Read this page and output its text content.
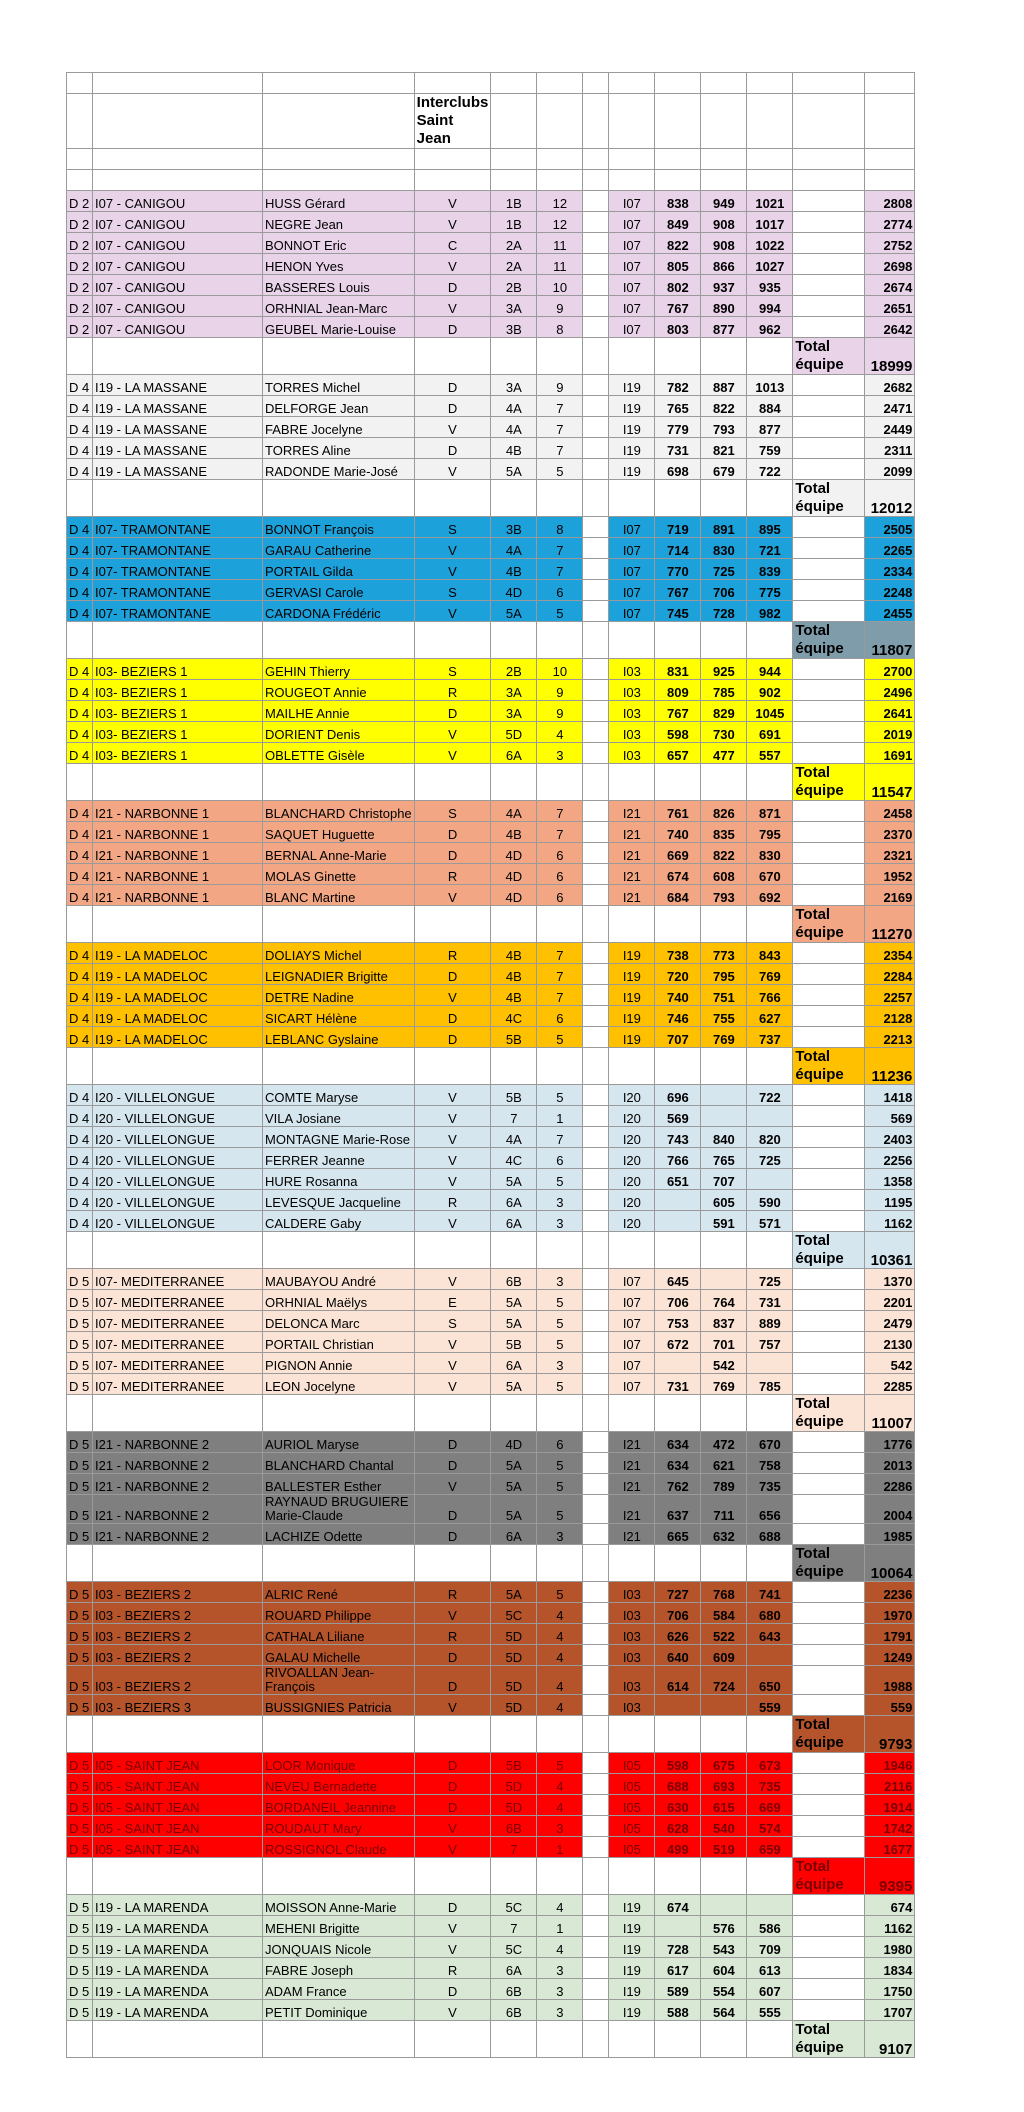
			Interclubs Saint Jean									

D 2	I07 - CANIGOU	HUSS Gérard	V	1B	12		I07	838	949	1021		2808
D 2	I07 - CANIGOU	NEGRE Jean	V	1B	12		I07	849	908	1017		2774
D 2	I07 - CANIGOU	BONNOT Eric	C	2A	11		I07	822	908	1022		2752
D 2	I07 - CANIGOU	HENON Yves	V	2A	11		I07	805	866	1027		2698
D 2	I07 - CANIGOU	BASSERES Louis	D	2B	10		I07	802	937	935		2674
D 2	I07 - CANIGOU	ORHNIAL Jean-Marc	V	3A	9		I07	767	890	994		2651
D 2	I07 - CANIGOU	GEUBEL Marie-Louise	D	3B	8		I07	803	877	962		2642
											Total équipe	18999
D 4	I19 - LA MASSANE	TORRES Michel	D	3A	9		I19	782	887	1013		2682
D 4	I19 - LA MASSANE	DELFORGE Jean	D	4A	7		I19	765	822	884		2471
D 4	I19 - LA MASSANE	FABRE Jocelyne	V	4A	7		I19	779	793	877		2449
D 4	I19 - LA MASSANE	TORRES Aline	D	4B	7		I19	731	821	759		2311
D 4	I19 - LA MASSANE	RADONDE Marie-José	V	5A	5		I19	698	679	722		2099
											Total équipe	12012
D 4	I07- TRAMONTANE	BONNOT François	S	3B	8		I07	719	891	895		2505
D 4	I07- TRAMONTANE	GARAU Catherine	V	4A	7		I07	714	830	721		2265
D 4	I07- TRAMONTANE	PORTAIL Gilda	V	4B	7		I07	770	725	839		2334
D 4	I07- TRAMONTANE	GERVASI Carole	S	4D	6		I07	767	706	775		2248
D 4	I07- TRAMONTANE	CARDONA Frédéric	V	5A	5		I07	745	728	982		2455
											Total équipe	11807
D 4	I03- BEZIERS 1	GEHIN Thierry	S	2B	10		I03	831	925	944		2700
D 4	I03- BEZIERS 1	ROUGEOT Annie	R	3A	9		I03	809	785	902		2496
D 4	I03- BEZIERS 1	MAILHE Annie	D	3A	9		I03	767	829	1045		2641
D 4	I03- BEZIERS 1	DORIENT Denis	V	5D	4		I03	598	730	691		2019
D 4	I03- BEZIERS 1	OBLETTE Gisèle	V	6A	3		I03	657	477	557		1691
											Total équipe	11547
D 4	I21 - NARBONNE 1	BLANCHARD Christophe	S	4A	7		I21	761	826	871		2458
D 4	I21 - NARBONNE 1	SAQUET Huguette	D	4B	7		I21	740	835	795		2370
D 4	I21 - NARBONNE 1	BERNAL Anne-Marie	D	4D	6		I21	669	822	830		2321
D 4	I21 - NARBONNE 1	MOLAS Ginette	R	4D	6		I21	674	608	670		1952
D 4	I21 - NARBONNE 1	BLANC Martine	V	4D	6		I21	684	793	692		2169
											Total équipe	11270
D 4	I19 - LA MADELOC	DOLIAYS Michel	R	4B	7		I19	738	773	843		2354
D 4	I19 - LA MADELOC	LEIGNADIER Brigitte	D	4B	7		I19	720	795	769		2284
D 4	I19 - LA MADELOC	DETRE Nadine	V	4B	7		I19	740	751	766		2257
D 4	I19 - LA MADELOC	SICART Hélène	D	4C	6		I19	746	755	627		2128
D 4	I19 - LA MADELOC	LEBLANC Gyslaine	D	5B	5		I19	707	769	737		2213
											Total équipe	11236
D 4	I20 - VILLELONGUE	COMTE Maryse	V	5B	5		I20	696		722		1418
D 4	I20 - VILLELONGUE	VILA Josiane	V	7	1		I20	569				569
D 4	I20 - VILLELONGUE	MONTAGNE Marie-Rose	V	4A	7		I20	743	840	820		2403
D 4	I20 - VILLELONGUE	FERRER Jeanne	V	4C	6		I20	766	765	725		2256
D 4	I20 - VILLELONGUE	HURE Rosanna	V	5A	5		I20	651	707			1358
D 4	I20 - VILLELONGUE	LEVESQUE Jacqueline	R	6A	3		I20		605	590		1195
D 4	I20 - VILLELONGUE	CALDERE Gaby	V	6A	3		I20		591	571		1162
											Total équipe	10361
D 5	I07- MEDITERRANEE	MAUBAYOU André	V	6B	3		I07	645		725		1370
D 5	I07- MEDITERRANEE	ORHNIAL Maëlys	E	5A	5		I07	706	764	731		2201
D 5	I07- MEDITERRANEE	DELONCA Marc	S	5A	5		I07	753	837	889		2479
D 5	I07- MEDITERRANEE	PORTAIL Christian	V	5B	5		I07	672	701	757		2130
D 5	I07- MEDITERRANEE	PIGNON Annie	V	6A	3		I07		542			542
D 5	I07- MEDITERRANEE	LEON Jocelyne	V	5A	5		I07	731	769	785		2285
											Total équipe	11007
D 5	I21 - NARBONNE 2	AURIOL Maryse	D	4D	6		I21	634	472	670		1776
D 5	I21 - NARBONNE 2	BLANCHARD Chantal	D	5A	5		I21	634	621	758		2013
D 5	I21 - NARBONNE 2	BALLESTER Esther	V	5A	5		I21	762	789	735		2286
D 5	I21 - NARBONNE 2	RAYNAUD BRUGUIERE Marie-Claude	D	5A	5		I21	637	711	656		2004
D 5	I21 - NARBONNE 2	LACHIZE Odette	D	6A	3		I21	665	632	688		1985
											Total équipe	10064
D 5	I03 - BEZIERS 2	ALRIC René	R	5A	5		I03	727	768	741		2236
D 5	I03 - BEZIERS 2	ROUARD Philippe	V	5C	4		I03	706	584	680		1970
D 5	I03 - BEZIERS 2	CATHALA Liliane	R	5D	4		I03	626	522	643		1791
D 5	I03 - BEZIERS 2	GALAU Michelle	D	5D	4		I03	640	609			1249
D 5	I03 - BEZIERS 2	RIVOALLAN Jean-François	D	5D	4		I03	614	724	650		1988
D 5	I03 - BEZIERS 3	BUSSIGNIES Patricia	V	5D	4		I03			559		559
											Total équipe	9793
D 5	I05 - SAINT JEAN	LOOR Monique	D	5B	5		I05	598	675	673		1946
D 5	I05 - SAINT JEAN	NEVEU Bernadette	D	5D	4		I05	688	693	735		2116
D 5	I05 - SAINT JEAN	BORDANEIL Jeannine	D	5D	4		I05	630	615	669		1914
D 5	I05 - SAINT JEAN	ROUDAUT Mary	V	6B	3		I05	628	540	574		1742
D 5	I05 - SAINT JEAN	ROSSIGNOL Claude	V	7	1		I05	499	519	659		1677
											Total équipe	9395
D 5	I19 - LA MARENDA	MOISSON Anne-Marie	D	5C	4		I19	674				674
D 5	I19 - LA MARENDA	MEHENI Brigitte	V	7	1		I19		576	586		1162
D 5	I19 - LA MARENDA	JONQUAIS Nicole	V	5C	4		I19	728	543	709		1980
D 5	I19 - LA MARENDA	FABRE Joseph	R	6A	3		I19	617	604	613		1834
D 5	I19 - LA MARENDA	ADAM France	D	6B	3		I19	589	554	607		1750
D 5	I19 - LA MARENDA	PETIT Dominique	V	6B	3		I19	588	564	555		1707
											Total équipe	9107
